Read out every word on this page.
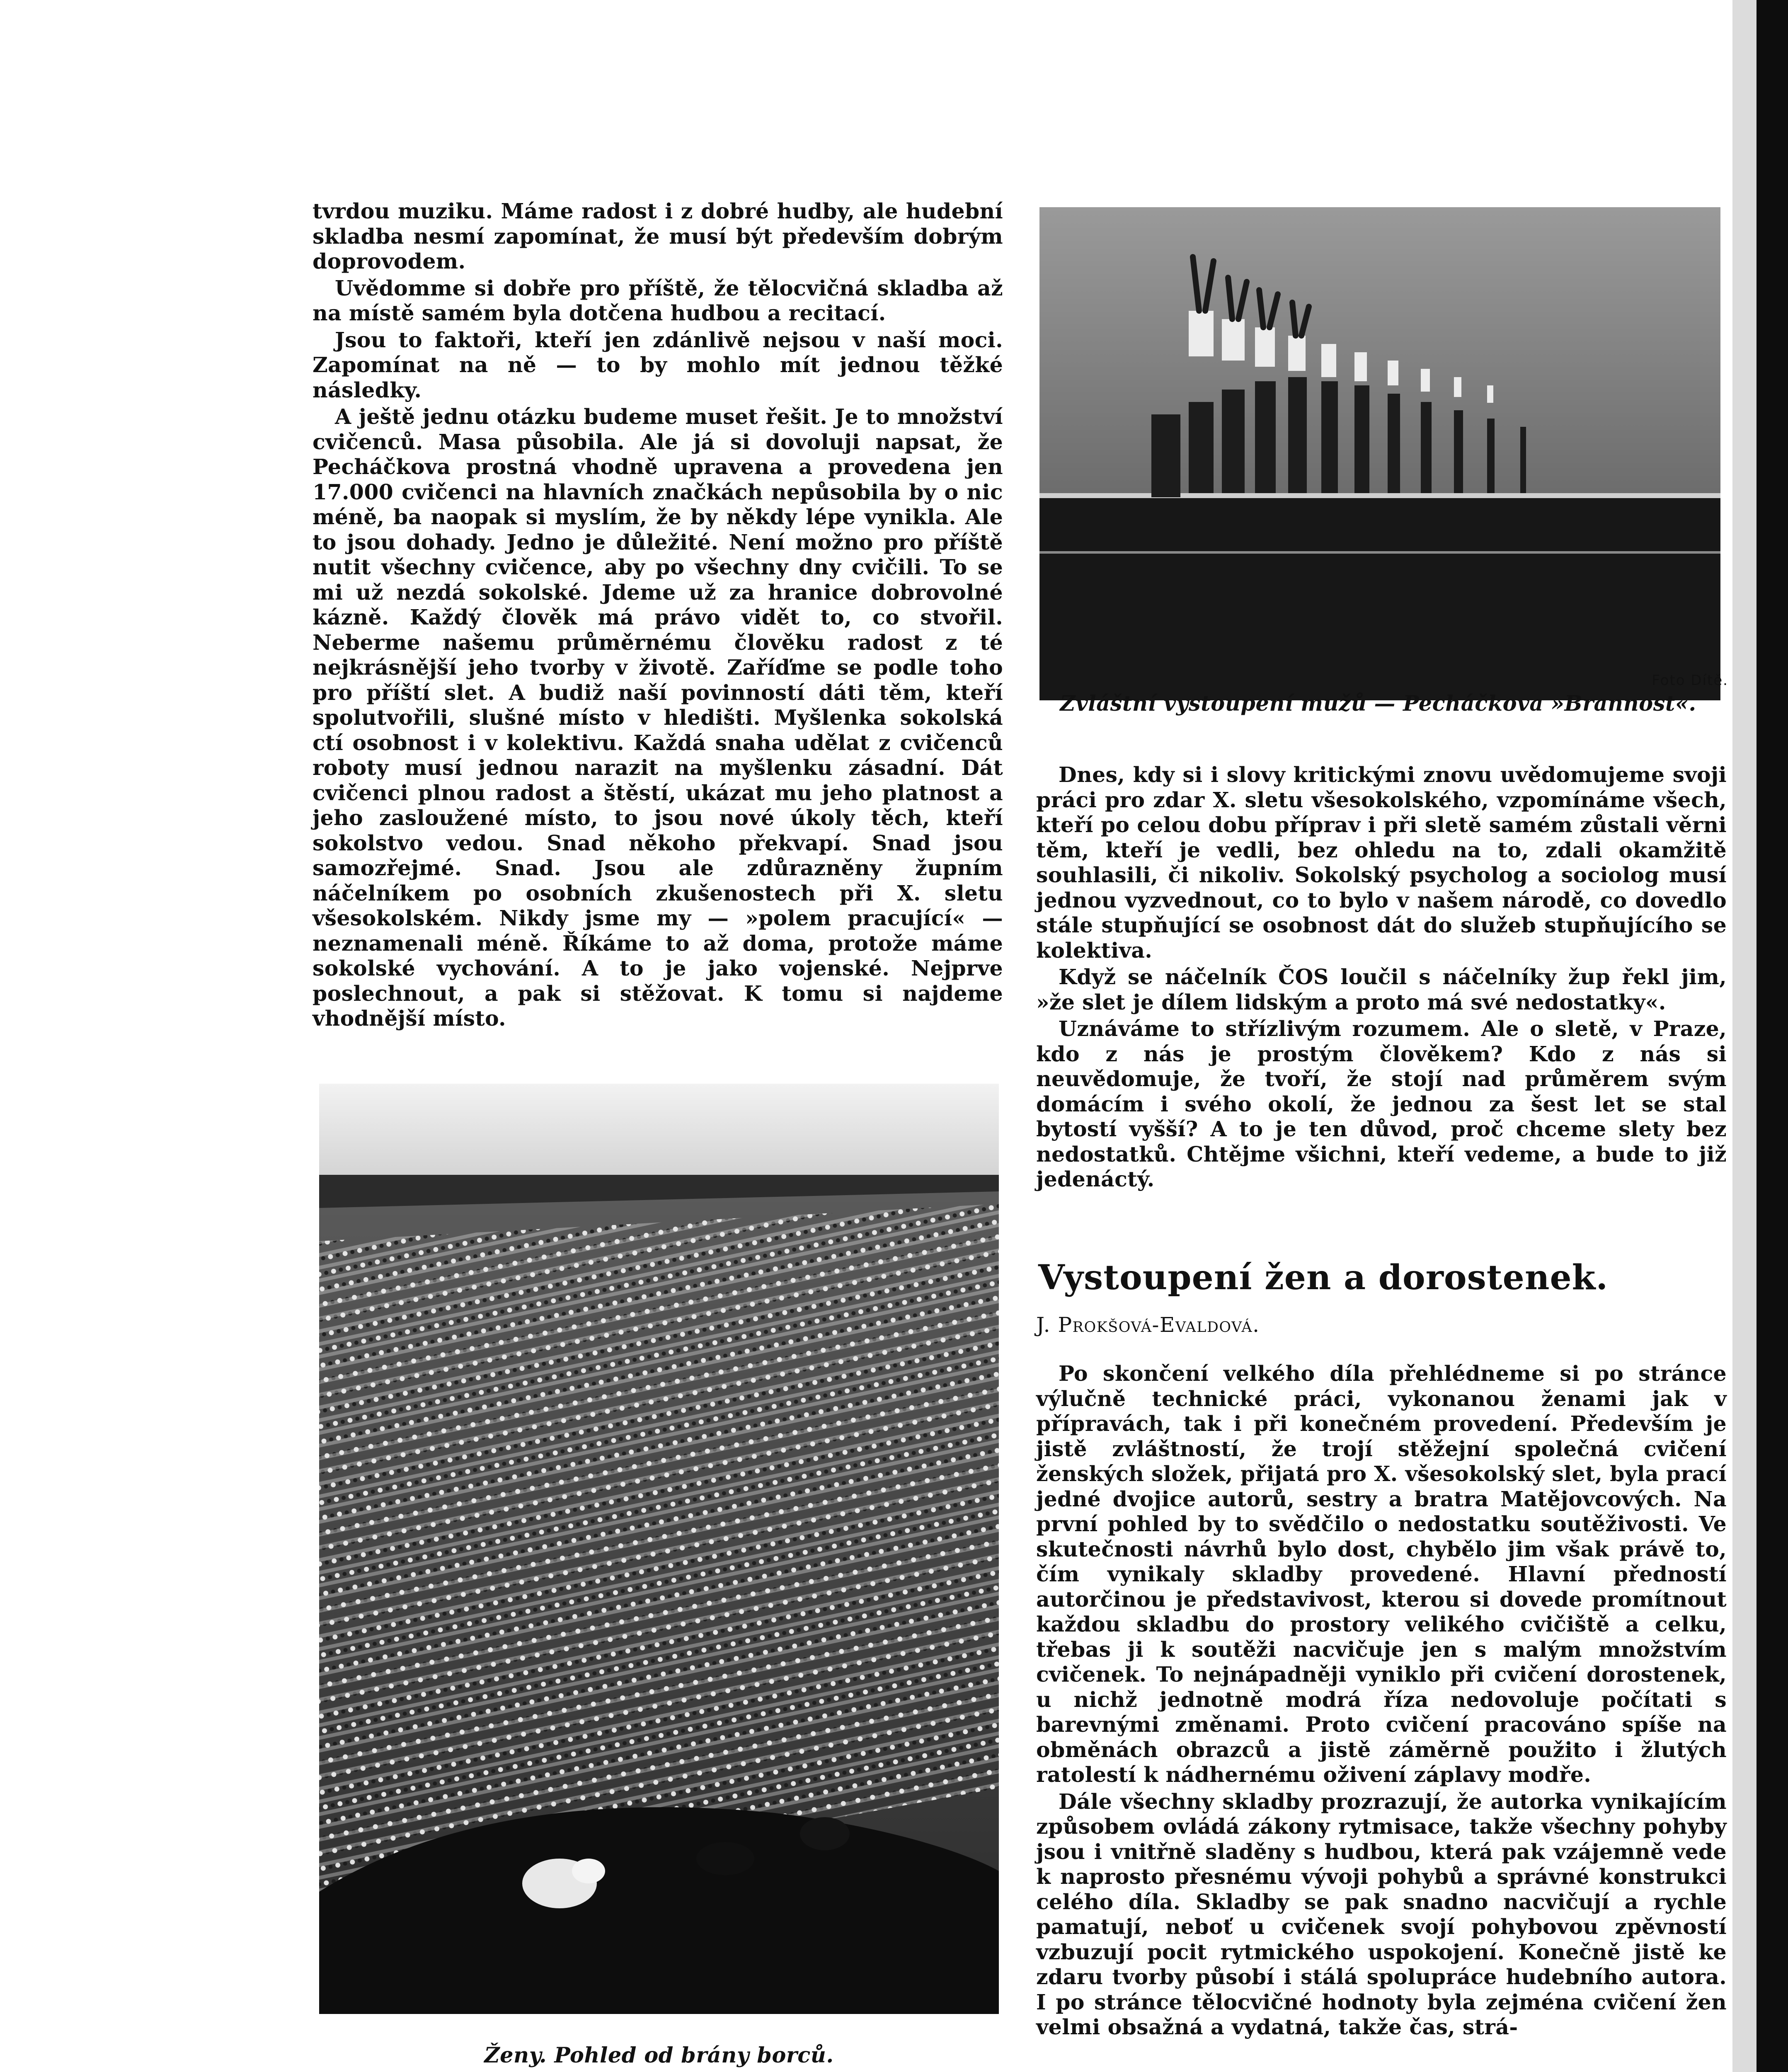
tvrdou muziku. Máme radost i z dobré hudby, ale hudební skladba nesmí zapomínat, že musí být především dobrým doprovodem.

Uvědomme si dobře pro příště, že tělocvičná skladba až na místě samém byla dotčena hudbou a recitací.

Jsou to faktoři, kteří jen zdánlivě nejsou v naší moci. Zapomínat na ně — to by mohlo mít jednou těžké následky.

A ještě jednu otázku budeme muset řešit. Je to množství cvičenců. Masa působila. Ale já si dovoluji napsat, že Pecháčkova prostná vhodně upravena a provedena jen 17.000 cvičenci na hlavních značkách nepůsobila by o nic méně, ba naopak si myslím, že by někdy lépe vynikla. Ale to jsou dohady. Jedno je důležité. Není možno pro příště nutit všechny cvičence, aby po všechny dny cvičili. To se mi už nezdá sokolské. Jdeme už za hranice dobrovolné kázně. Každý člověk má právo vidět to, co stvořil. Neberme našemu průměrnému člověku radost z té nejkrásnější jeho tvorby v životě. Zaříďme se podle toho pro příští slet. A budiž naší povinností dáti těm, kteří spolutvořili, slušné místo v hledišti. Myšlenka sokolská ctí osobnost i v kolektivu. Každá snaha udělat z cvičenců roboty musí jednou narazit na myšlenku zásadní. Dát cvičenci plnou radost a štěstí, ukázat mu jeho platnost a jeho zasloužené místo, to jsou nové úkoly těch, kteří sokolstvo vedou. Snad někoho překvapí. Snad jsou samozřejmé. Snad. Jsou ale zdůrazněny župním náčelníkem po osobních zkušenostech při X. sletu všesokolském. Nikdy jsme my — »polem pracující« — neznamenali méně. Říkáme to až doma, protože máme sokolské vychování. A to je jako vojenské. Nejprve poslechnout, a pak si stěžovat. K tomu si najdeme vhodnější místo.

Ženy. Pohled od brány borců.
Foto Dítě.
Zvláštní vystoupení mužů — Pecháčkova »Brannost«.

Dnes, kdy si i slovy kritickými znovu uvědomujeme svoji práci pro zdar X. sletu všesokolského, vzpomínáme všech, kteří po celou dobu příprav i při sletě samém zůstali věrni těm, kteří je vedli, bez ohledu na to, zdali okamžitě souhlasili, či nikoliv. Sokolský psycholog a sociolog musí jednou vyzvednout, co to bylo v našem národě, co dovedlo stále stupňující se osobnost dát do služeb stupňujícího se kolektiva.

Když se náčelník ČOS loučil s náčelníky žup řekl jim, »že slet je dílem lidským a proto má své nedostatky«.

Uznáváme to střízlivým rozumem. Ale o sletě, v Praze, kdo z nás je prostým člověkem? Kdo z nás si neuvědomuje, že tvoří, že stojí nad průměrem svým domácím i svého okolí, že jednou za šest let se stal bytostí vyšší? A to je ten důvod, proč chceme slety bez nedostatků. Chtějme všichni, kteří vedeme, a bude to již jedenáctý.

Vystoupení žen a dorostenek.
J. Prokšová-Evaldová.

Po skončení velkého díla přehlédneme si po stránce výlučně technické práci, vykonanou ženami jak v přípravách, tak i při konečném provedení. Především je jistě zvláštností, že trojí stěžejní společná cvičení ženských složek, přijatá pro X. všesokolský slet, byla prací jedné dvojice autorů, sestry a bratra Matějovcových. Na první pohled by to svědčilo o nedostatku soutěživosti. Ve skutečnosti návrhů bylo dost, chybělo jim však právě to, čím vynikaly skladby provedené. Hlavní předností autorčinou je představivost, kterou si dovede promítnout každou skladbu do prostory velikého cvičiště a celku, třebas ji k soutěži nacvičuje jen s malým množstvím cvičenek. To nejnápadněji vyniklo při cvičení dorostenek, u nichž jednotně modrá říza nedovoluje počítati s barevnými změnami. Proto cvičení pracováno spíše na obměnách obrazců a jistě záměrně použito i žlutých ratolestí k nádhernému oživení záplavy modře.

Dále všechny skladby prozrazují, že autorka vynikajícím způsobem ovládá zákony rytmisace, takže všechny pohyby jsou i vnitřně sladěny s hudbou, která pak vzájemně vede k naprosto přesnému vývoji pohybů a správné konstrukci celého díla. Skladby se pak snadno nacvičují a rychle pamatují, neboť u cvičenek svojí pohybovou zpěvností vzbuzují pocit rytmického uspokojení. Konečně jistě ke zdaru tvorby působí i stálá spolupráce hudebního autora. I po stránce tělocvičné hodnoty byla zejména cvičení žen velmi obsažná a vydatná, takže čas, strá-
